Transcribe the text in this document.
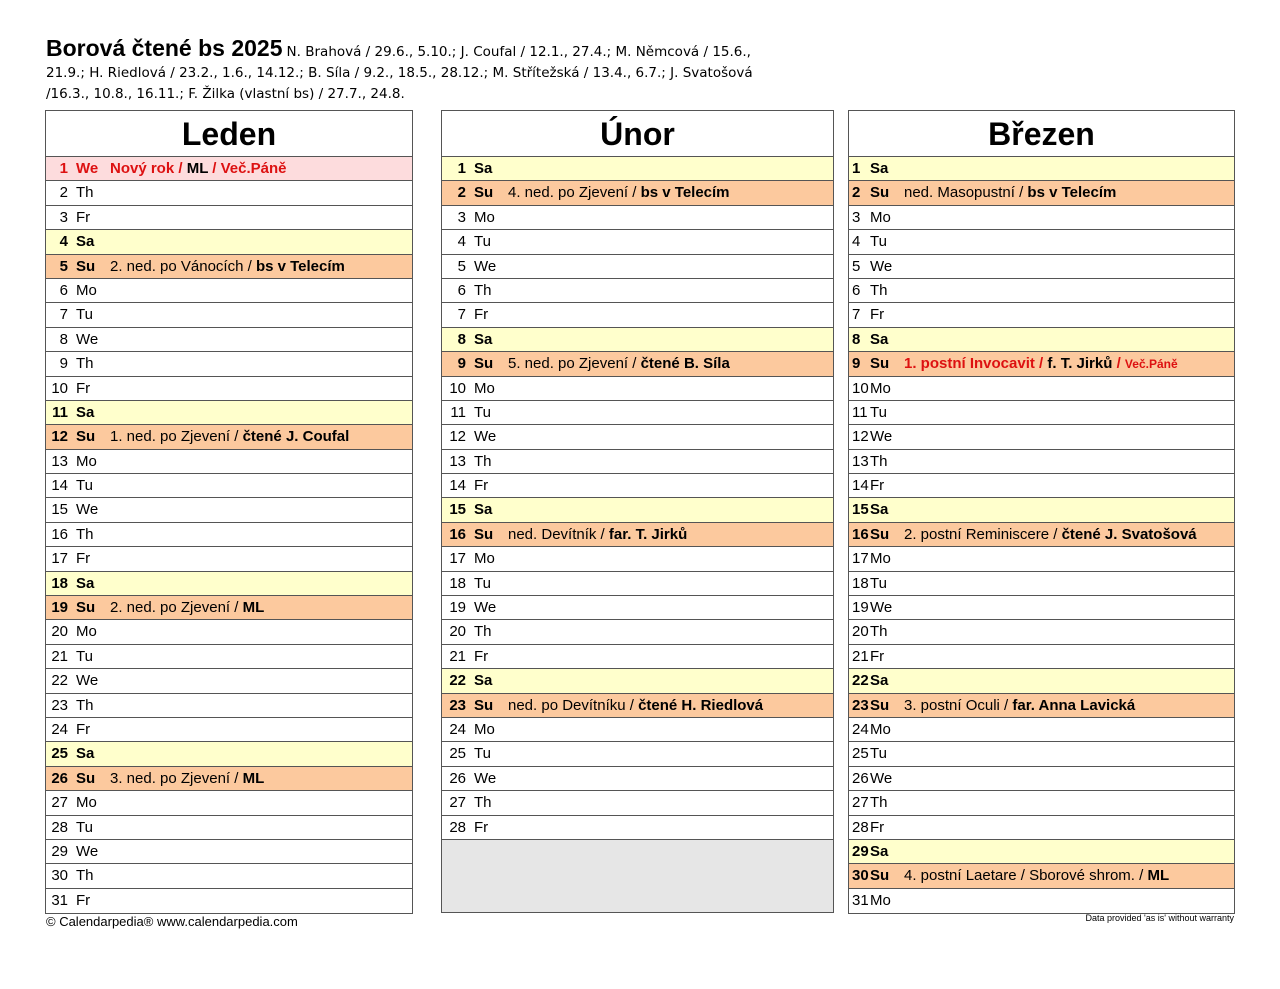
Borová čtené bs 2025 N. Brahová / 29.6., 5.10.; J. Coufal / 12.1., 27.4.; M. Němcová / 15.6.,
21.9.; H. Riedlová / 23.2., 1.6., 14.12.; B. Síla / 9.2., 18.5., 28.12.; M. Střítežská / 13.4., 6.7.; J. Svatošová
/16.3., 10.8., 16.11.; F. Žilka (vlastní bs) / 27.7., 24.8.
Leden
1 We Nový rok / ML / Več.Páně
2 Th
3 Fr
4 Sa
5 Su 2. ned. po Vánocích / bs v Telecím
6 Mo
7 Tu
8 We
9 Th
10 Fr
11 Sa
12 Su 1. ned. po Zjevení / čtené J. Coufal
13 Mo
14 Tu
15 We
16 Th
17 Fr
18 Sa
19 Su 2. ned. po Zjevení / ML
20 Mo
21 Tu
22 We
23 Th
24 Fr
25 Sa
26 Su 3. ned. po Zjevení / ML
27 Mo
28 Tu
29 We
30 Th
31 Fr
Únor
1 Sa
2 Su 4. ned. po Zjevení / bs v Telecím
3 Mo
4 Tu
5 We
6 Th
7 Fr
8 Sa
9 Su 5. ned. po Zjevení / čtené B. Síla
10 Mo
11 Tu
12 We
13 Th
14 Fr
15 Sa
16 Su ned. Devítník / far. T. Jirků
17 Mo
18 Tu
19 We
20 Th
21 Fr
22 Sa
23 Su ned. po Devítníku / čtené H. Riedlová
24 Mo
25 Tu
26 We
27 Th
28 Fr
Březen
1 Sa
2 Su ned. Masopustní / bs v Telecím
3 Mo
4 Tu
5 We
6 Th
7 Fr
8 Sa
9 Su 1. postní Invocavit / f. T. Jirků / Več.Páně
10Mo
11 Tu
12We
13Th
14Fr
15Sa
16Su 2. postní Reminiscere / čtené J. Svatošová
17Mo
18Tu
19We
20Th
21Fr
22Sa
23Su 3. postní Oculi / far. Anna Lavická
24Mo
25Tu
26We
27Th
28Fr
29Sa
30Su 4. postní Laetare / Sborové shrom. / ML
31Mo
© Calendarpedia® www.calendarpedia.com	Data provided 'as is' without warranty
